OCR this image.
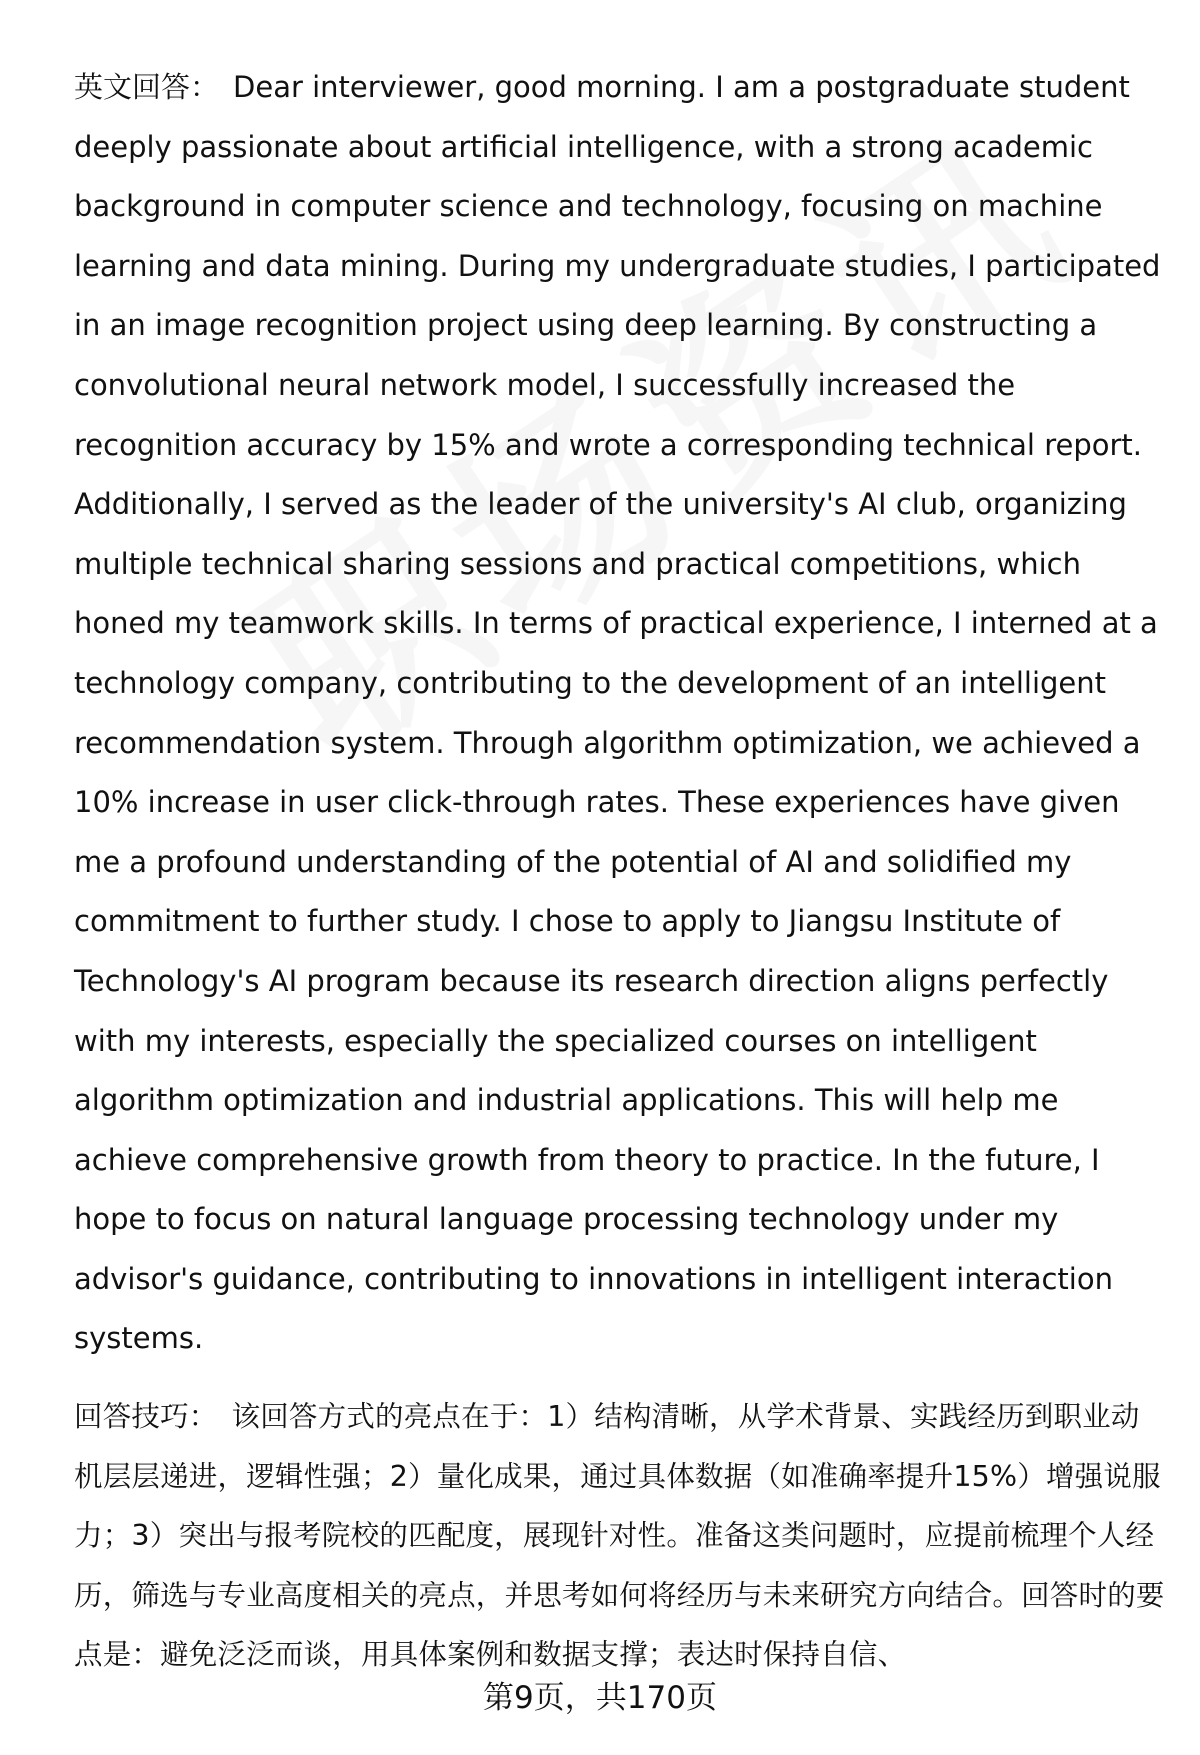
英文回答： Dear interviewer, good morning. I am a postgraduate student deeply passionate about artificial intelligence, with a strong academic background in computer science and technology, focusing on machine learning and data mining. During my undergraduate studies, I participated in an image recognition project using deep learning. By constructing a convolutional neural network model, I successfully increased the recognition accuracy by 15% and wrote a corresponding technical report. Additionally, I served as the leader of the university's AI club, organizing multiple technical sharing sessions and practical competitions, which honed my teamwork skills. In terms of practical experience, I interned at a technology company, contributing to the development of an intelligent recommendation system. Through algorithm optimization, we achieved a 10% increase in user click-through rates. These experiences have given me a profound understanding of the potential of AI and solidified my commitment to further study. I chose to apply to Jiangsu Institute of Technology's AI program because its research direction aligns perfectly with my interests, especially the specialized courses on intelligent algorithm optimization and industrial applications. This will help me achieve comprehensive growth from theory to practice. In the future, I hope to focus on natural language processing technology under my advisor's guidance, contributing to innovations in intelligent interaction systems.

回答技巧： 该回答方式的亮点在于：1）结构清晰，从学术背景、实践经历到职业动机层层递进，逻辑性强；2）量化成果，通过具体数据（如准确率提升15%）增强说服力；3）突出与报考院校的匹配度，展现针对性。准备这类问题时，应提前梳理个人经历，筛选与专业高度相关的亮点，并思考如何将经历与未来研究方向结合。回答时的要点是：避免泛泛而谈，用具体案例和数据支撑；表达时保持自信、

第9页，共170页
